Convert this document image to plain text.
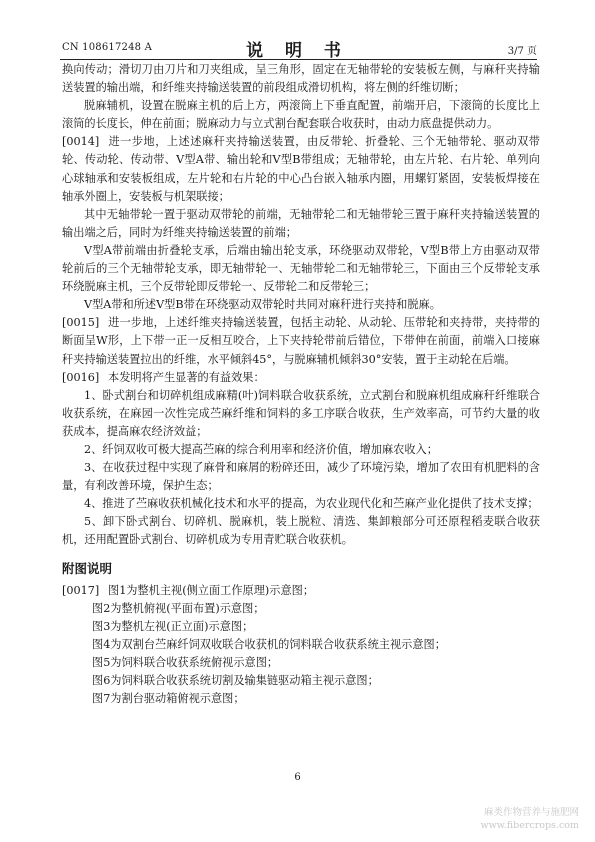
CN 108617248 A	说 明 书	3/7 页

换向传动；滑切刀由刀片和刀夹组成，呈三角形，固定在无轴带轮的安装板左侧，与麻秆夹持输送装置的输出端，和纤维夹持输送装置的前段组成滑切机构，将左侧的纤维切断；

脱麻辅机，设置在脱麻主机的后上方，两滚筒上下垂直配置，前端开启，下滚筒的长度比上滚筒的长度长，伸在前面；脱麻动力与立式割台配套联合收获时，由动力底盘提供动力。

[0014] 进一步地，上述述麻秆夹持输送装置，由反带轮、折叠轮、三个无轴带轮、驱动双带轮、传动轮、传动带、V型A带、输出轮和V型B带组成；无轴带轮，由左片轮、右片轮、单列向心球轴承和安装板组成，左片轮和右片轮的中心凸台嵌入轴承内圈，用螺钉紧固，安装板焊接在轴承外圈上，安装板与机架联接；

其中无轴带轮一置于驱动双带轮的前端，无轴带轮二和无轴带轮三置于麻秆夹持输送装置的输出端之后，同时为纤维夹持输送装置的前端；

V型A带前端由折叠轮支承，后端由输出轮支承，环绕驱动双带轮，V型B带上方由驱动双带轮前后的三个无轴带轮支承，即无轴带轮一、无轴带轮二和无轴带轮三，下面由三个反带轮支承环绕脱麻主机，三个反带轮即反带轮一、反带轮二和反带轮三；

V型A带和所述V型B带在环绕驱动双带轮时共同对麻秆进行夹持和脱麻。

[0015] 进一步地，上述纤维夹持输送装置，包括主动轮、从动轮、压带轮和夹持带，夹持带的断面呈W形，上下带一正一反相互咬合，上下夹持轮带前后错位，下带伸在前面，前端入口接麻秆夹持输送装置拉出的纤维，水平倾斜45°，与脱麻辅机倾斜30°安装，置于主动轮在后端。

[0016] 本发明将产生显著的有益效果：

1、卧式割台和切碎机组成麻精(叶)饲料联合收获系统，立式割台和脱麻机组成麻秆纤维联合收获系统，在麻园一次性完成苎麻纤维和饲料的多工序联合收获，生产效率高，可节约大量的收获成本，提高麻农经济效益；

2、纤饲双收可极大提高苎麻的综合利用率和经济价值，增加麻农收入；

3、在收获过程中实现了麻骨和麻屑的粉碎还田，减少了环境污染，增加了农田有机肥料的含量，有利改善环境，保护生态；

4、推进了苎麻收获机械化技术和水平的提高，为农业现代化和苎麻产业化提供了技术支撑；

5、卸下卧式割台、切碎机、脱麻机，装上脱粒、清选、集卸粮部分可还原程稻麦联合收获机，还用配置卧式割台、切碎机成为专用青贮联合收获机。

附图说明

[0017] 图1为整机主视(侧立面工作原理)示意图；

图2为整机俯视(平面布置)示意图；

图3为整机左视(正立面)示意图；

图4为双割台苎麻纤饲双收联合收获机的饲料联合收获系统主视示意图；

图5为饲料联合收获系统俯视示意图；

图6为饲料联合收获系统切割及输集链驱动箱主视示意图；

图7为割台驱动箱俯视示意图；

6
麻类作物营养与施肥网
www.fibercrops.com
